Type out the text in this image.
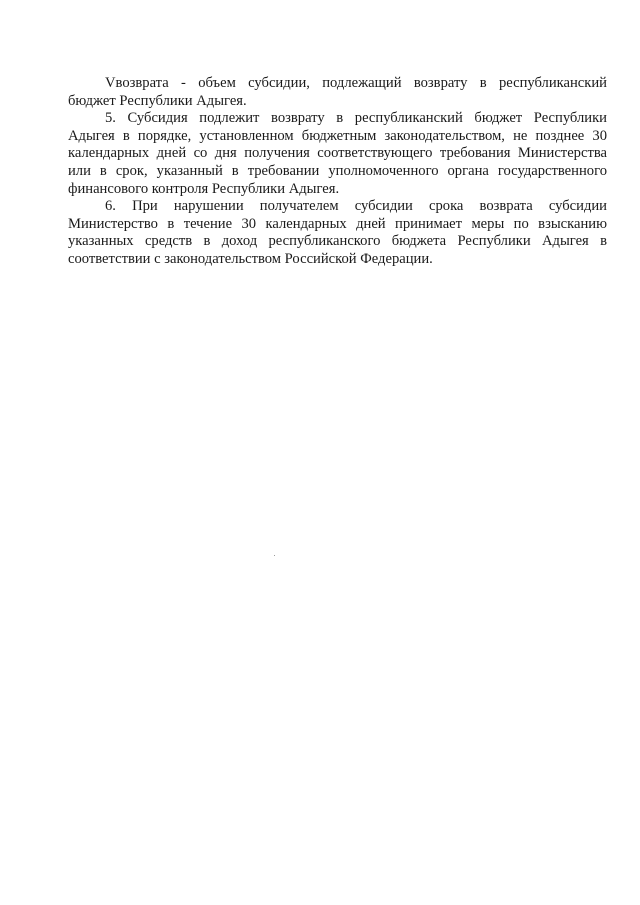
Vвозврата - объем субсидии, подлежащий возврату в республиканский
бюджет Республики Адыгея.
5. Субсидия подлежит возврату в республиканский бюджет Республики
Адыгея в порядке, установленном бюджетным законодательством, не позднее 30
календарных дней со дня получения соответствующего требования Министерства
или в срок, указанный в требовании уполномоченного органа государственного
финансового контроля Республики Адыгея.
6. При нарушении получателем субсидии срока возврата субсидии
Министерство в течение 30 календарных дней принимает меры по взысканию
указанных средств в доход республиканского бюджета Республики Адыгея в
соответствии с законодательством Российской Федерации.
